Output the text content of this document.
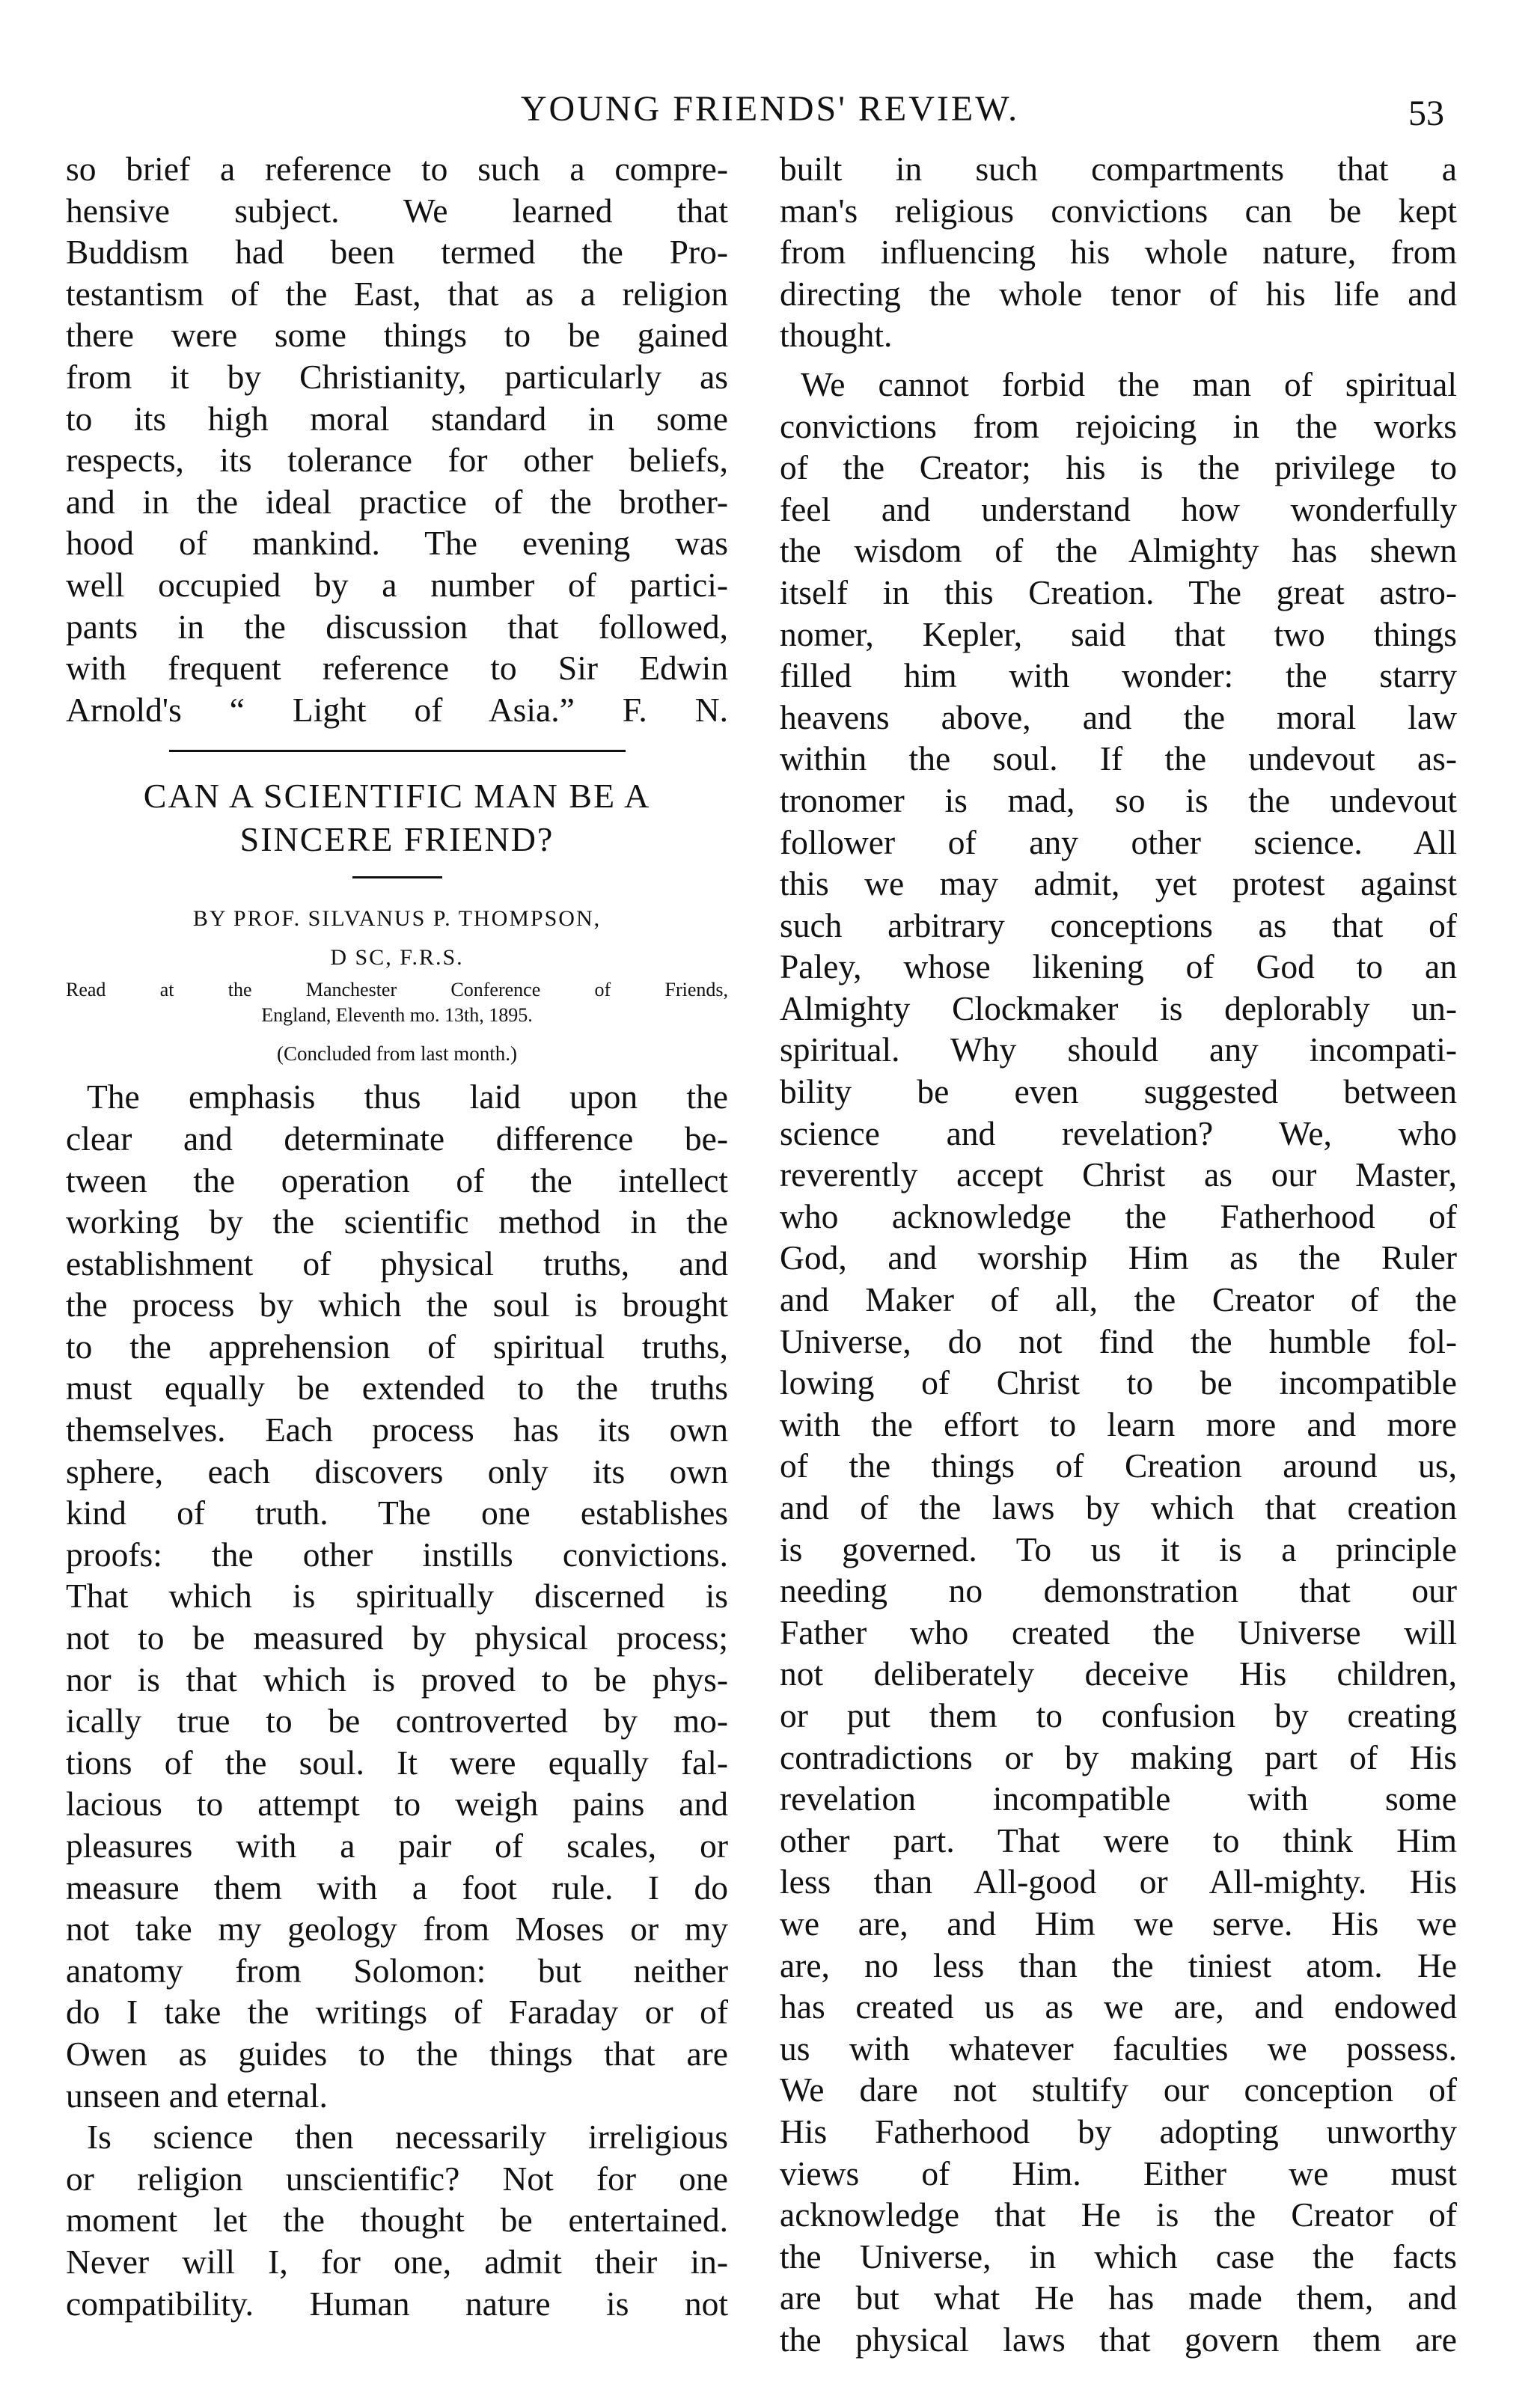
YOUNG FRIENDS' REVIEW.	53
so brief a reference to such a compre-
hensive subject. We learned that
Buddism had been termed the Pro-
testantism of the East, that as a religion
there were some things to be gained
from it by Christianity, particularly as
to its high moral standard in some
respects, its tolerance for other beliefs,
and in the ideal practice of the brother-
hood of mankind. The evening was
well occupied by a number of partici-
pants in the discussion that followed,
with frequent reference to Sir Edwin
Arnold's “ Light of Asia.” F. N.
CAN A SCIENTIFIC MAN BE A
SINCERE FRIEND?
BY PROF. SILVANUS P. THOMPSON,
D SC, F.R.S.
Read at the Manchester Conference of Friends,
England, Eleventh mo. 13th, 1895.
(Concluded from last month.)
The emphasis thus laid upon the
clear and determinate difference be-
tween the operation of the intellect
working by the scientific method in the
establishment of physical truths, and
the process by which the soul is brought
to the apprehension of spiritual truths,
must equally be extended to the truths
themselves. Each process has its own
sphere, each discovers only its own
kind of truth. The one establishes
proofs: the other instills convictions.
That which is spiritually discerned is
not to be measured by physical process;
nor is that which is proved to be phys-
ically true to be controverted by mo-
tions of the soul. It were equally fal-
lacious to attempt to weigh pains and
pleasures with a pair of scales, or
measure them with a foot rule. I do
not take my geology from Moses or my
anatomy from Solomon: but neither
do I take the writings of Faraday or of
Owen as guides to the things that are
unseen and eternal.
Is science then necessarily irreligious
or religion unscientific? Not for one
moment let the thought be entertained.
Never will I, for one, admit their in-
compatibility. Human nature is not
built in such compartments that a
man's religious convictions can be kept
from influencing his whole nature, from
directing the whole tenor of his life and
thought.
We cannot forbid the man of spiritual
convictions from rejoicing in the works
of the Creator; his is the privilege to
feel and understand how wonderfully
the wisdom of the Almighty has shewn
itself in this Creation. The great astro-
nomer, Kepler, said that two things
filled him with wonder: the starry
heavens above, and the moral law
within the soul. If the undevout as-
tronomer is mad, so is the undevout
follower of any other science. All
this we may admit, yet protest against
such arbitrary conceptions as that of
Paley, whose likening of God to an
Almighty Clockmaker is deplorably un-
spiritual. Why should any incompati-
bility be even suggested between
science and revelation? We, who
reverently accept Christ as our Master,
who acknowledge the Fatherhood of
God, and worship Him as the Ruler
and Maker of all, the Creator of the
Universe, do not find the humble fol-
lowing of Christ to be incompatible
with the effort to learn more and more
of the things of Creation around us,
and of the laws by which that creation
is governed. To us it is a principle
needing no demonstration that our
Father who created the Universe will
not deliberately deceive His children,
or put them to confusion by creating
contradictions or by making part of His
revelation incompatible with some
other part. That were to think Him
less than All-good or All-mighty. His
we are, and Him we serve. His we
are, no less than the tiniest atom. He
has created us as we are, and endowed
us with whatever faculties we possess.
We dare not stultify our conception of
His Fatherhood by adopting unworthy
views of Him. Either we must
acknowledge that He is the Creator of
the Universe, in which case the facts
are but what He has made them, and
the physical laws that govern them are
